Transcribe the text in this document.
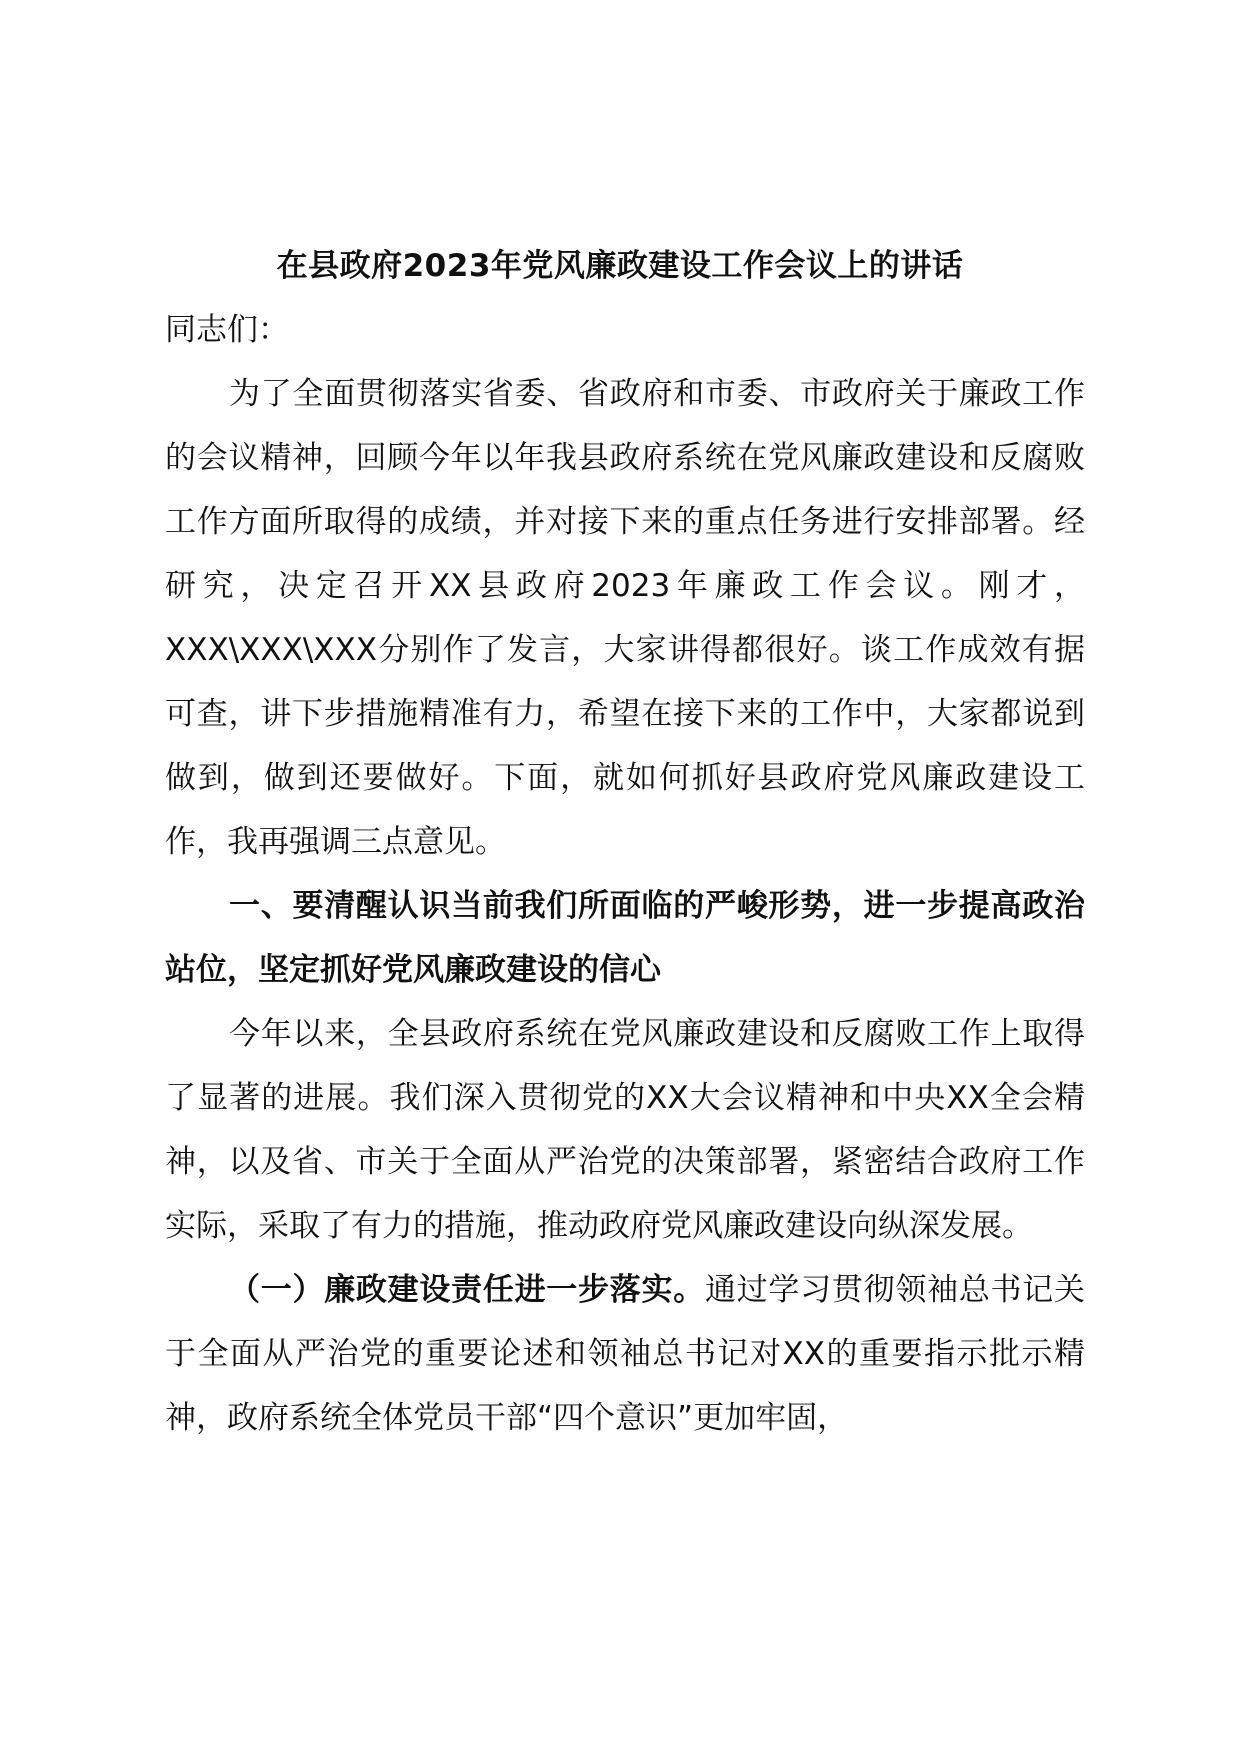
在县政府2023年党风廉政建设工作会议上的讲话

同志们：

为了全面贯彻落实省委、省政府和市委、市政府关于廉政工作的会议精神，回顾今年以年我县政府系统在党风廉政建设和反腐败工作方面所取得的成绩，并对接下来的重点任务进行安排部署。经研究，决定召开XX县政府2023年廉政工作会议。刚才，XXX\XXX\XXX分别作了发言，大家讲得都很好。谈工作成效有据可查，讲下步措施精准有力，希望在接下来的工作中，大家都说到做到，做到还要做好。下面，就如何抓好县政府党风廉政建设工作，我再强调三点意见。

一、要清醒认识当前我们所面临的严峻形势，进一步提高政治站位，坚定抓好党风廉政建设的信心

今年以来，全县政府系统在党风廉政建设和反腐败工作上取得了显著的进展。我们深入贯彻党的XX大会议精神和中央XX全会精神，以及省、市关于全面从严治党的决策部署，紧密结合政府工作实际，采取了有力的措施，推动政府党风廉政建设向纵深发展。

（一）廉政建设责任进一步落实。通过学习贯彻领袖总书记关于全面从严治党的重要论述和领袖总书记对XX的重要指示批示精神，政府系统全体党员干部“四个意识”更加牢固，
